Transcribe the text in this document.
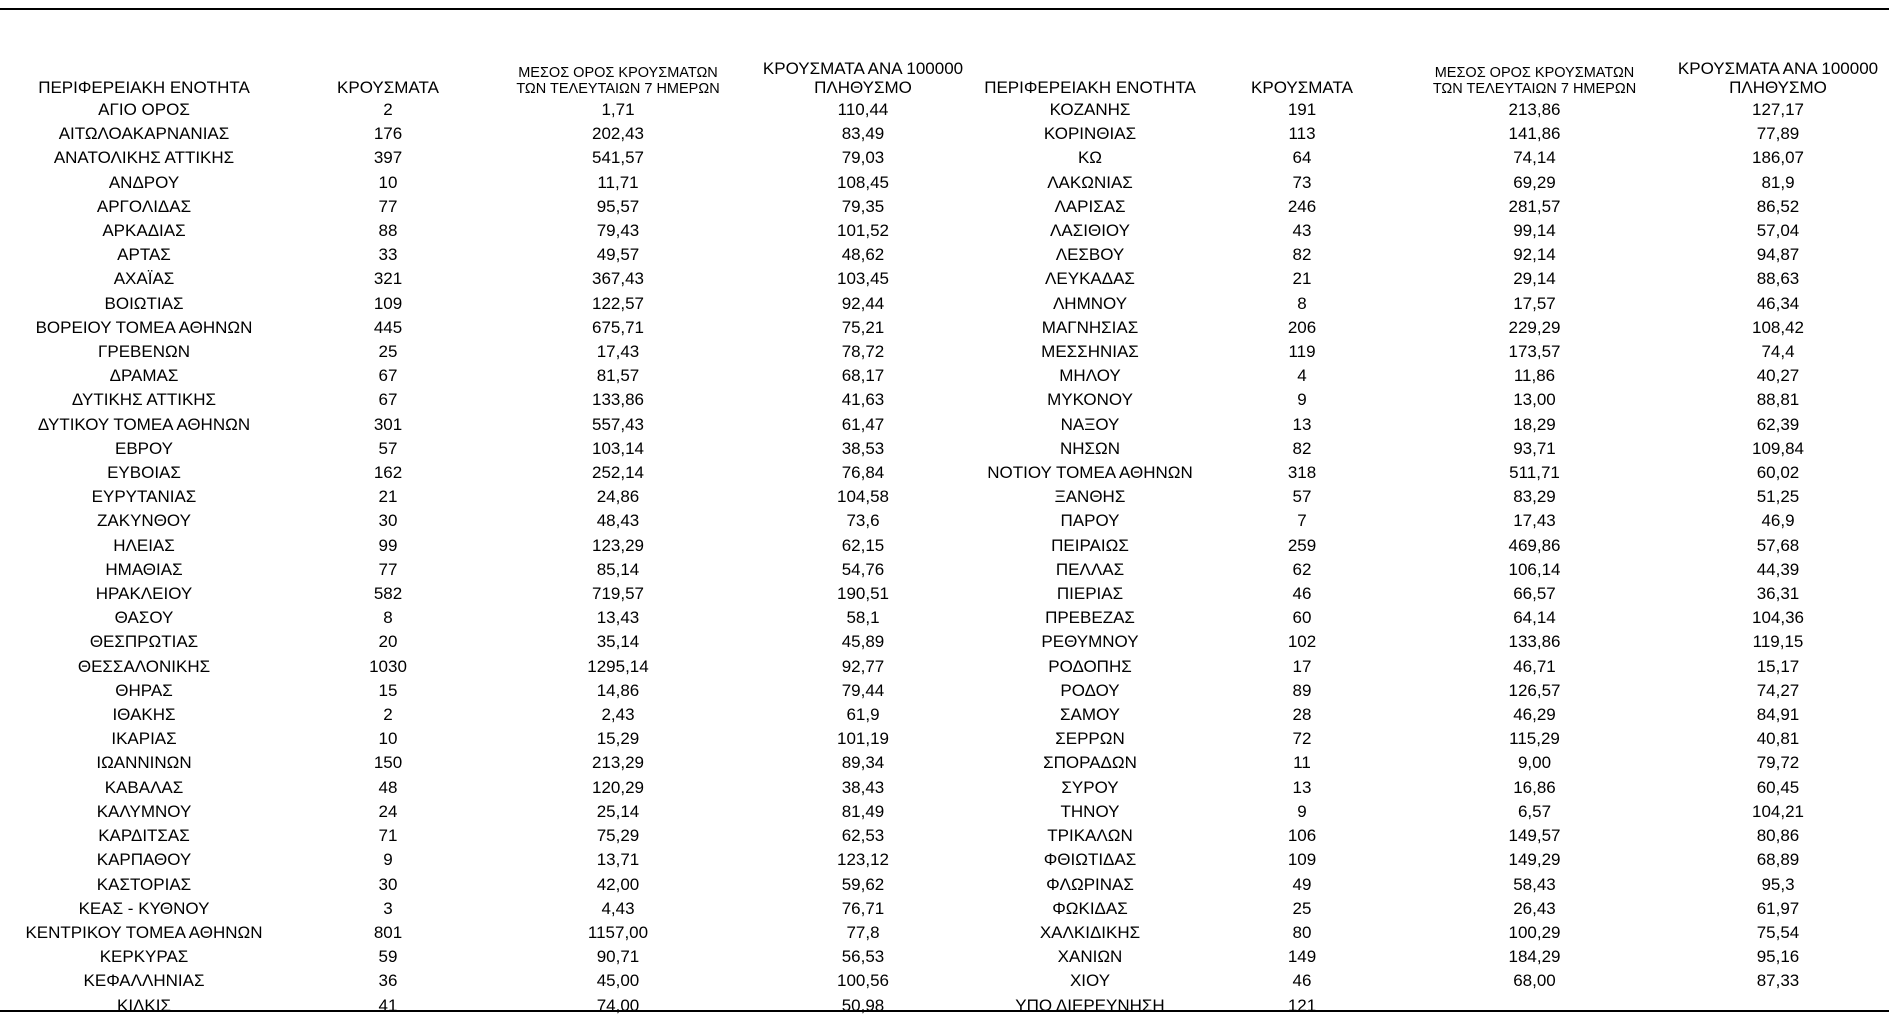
ΠΕΡΙΦΕΡΕΙΑΚΗ ΕΝΟΤΗΤΑ	ΚΡΟΥΣΜΑΤΑ	ΜΕΣΟΣ ΟΡΟΣ ΚΡΟΥΣΜΑΤΩΝ
ΤΩΝ ΤΕΛΕΥΤΑΙΩΝ 7 ΗΜΕΡΩΝ	ΚΡΟΥΣΜΑΤΑ ΑΝΑ 100000
ΠΛΗΘΥΣΜΟ	ΠΕΡΙΦΕΡΕΙΑΚΗ ΕΝΟΤΗΤΑ	ΚΡΟΥΣΜΑΤΑ	ΜΕΣΟΣ ΟΡΟΣ ΚΡΟΥΣΜΑΤΩΝ
ΤΩΝ ΤΕΛΕΥΤΑΙΩΝ 7 ΗΜΕΡΩΝ	ΚΡΟΥΣΜΑΤΑ ΑΝΑ 100000
ΠΛΗΘΥΣΜΟ
ΑΓΙΟ ΟΡΟΣ	2	1,71	110,44	ΚΟΖΑΝΗΣ	191	213,86	127,17
ΑΙΤΩΛΟΑΚΑΡΝΑΝΙΑΣ	176	202,43	83,49	ΚΟΡΙΝΘΙΑΣ	113	141,86	77,89
ΑΝΑΤΟΛΙΚΗΣ ΑΤΤΙΚΗΣ	397	541,57	79,03	ΚΩ	64	74,14	186,07
ΑΝΔΡΟΥ	10	11,71	108,45	ΛΑΚΩΝΙΑΣ	73	69,29	81,9
ΑΡΓΟΛΙΔΑΣ	77	95,57	79,35	ΛΑΡΙΣΑΣ	246	281,57	86,52
ΑΡΚΑΔΙΑΣ	88	79,43	101,52	ΛΑΣΙΘΙΟΥ	43	99,14	57,04
ΑΡΤΑΣ	33	49,57	48,62	ΛΕΣΒΟΥ	82	92,14	94,87
ΑΧΑΪΑΣ	321	367,43	103,45	ΛΕΥΚΑΔΑΣ	21	29,14	88,63
ΒΟΙΩΤΙΑΣ	109	122,57	92,44	ΛΗΜΝΟΥ	8	17,57	46,34
ΒΟΡΕΙΟΥ ΤΟΜΕΑ ΑΘΗΝΩΝ	445	675,71	75,21	ΜΑΓΝΗΣΙΑΣ	206	229,29	108,42
ΓΡΕΒΕΝΩΝ	25	17,43	78,72	ΜΕΣΣΗΝΙΑΣ	119	173,57	74,4
ΔΡΑΜΑΣ	67	81,57	68,17	ΜΗΛΟΥ	4	11,86	40,27
ΔΥΤΙΚΗΣ ΑΤΤΙΚΗΣ	67	133,86	41,63	ΜΥΚΟΝΟΥ	9	13,00	88,81
ΔΥΤΙΚΟΥ ΤΟΜΕΑ ΑΘΗΝΩΝ	301	557,43	61,47	ΝΑΞΟΥ	13	18,29	62,39
ΕΒΡΟΥ	57	103,14	38,53	ΝΗΣΩΝ	82	93,71	109,84
ΕΥΒΟΙΑΣ	162	252,14	76,84	ΝΟΤΙΟΥ ΤΟΜΕΑ ΑΘΗΝΩΝ	318	511,71	60,02
ΕΥΡΥΤΑΝΙΑΣ	21	24,86	104,58	ΞΑΝΘΗΣ	57	83,29	51,25
ΖΑΚΥΝΘΟΥ	30	48,43	73,6	ΠΑΡΟΥ	7	17,43	46,9
ΗΛΕΙΑΣ	99	123,29	62,15	ΠΕΙΡΑΙΩΣ	259	469,86	57,68
ΗΜΑΘΙΑΣ	77	85,14	54,76	ΠΕΛΛΑΣ	62	106,14	44,39
ΗΡΑΚΛΕΙΟΥ	582	719,57	190,51	ΠΙΕΡΙΑΣ	46	66,57	36,31
ΘΑΣΟΥ	8	13,43	58,1	ΠΡΕΒΕΖΑΣ	60	64,14	104,36
ΘΕΣΠΡΩΤΙΑΣ	20	35,14	45,89	ΡΕΘΥΜΝΟΥ	102	133,86	119,15
ΘΕΣΣΑΛΟΝΙΚΗΣ	1030	1295,14	92,77	ΡΟΔΟΠΗΣ	17	46,71	15,17
ΘΗΡΑΣ	15	14,86	79,44	ΡΟΔΟΥ	89	126,57	74,27
ΙΘΑΚΗΣ	2	2,43	61,9	ΣΑΜΟΥ	28	46,29	84,91
ΙΚΑΡΙΑΣ	10	15,29	101,19	ΣΕΡΡΩΝ	72	115,29	40,81
ΙΩΑΝΝΙΝΩΝ	150	213,29	89,34	ΣΠΟΡΑΔΩΝ	11	9,00	79,72
ΚΑΒΑΛΑΣ	48	120,29	38,43	ΣΥΡΟΥ	13	16,86	60,45
ΚΑΛΥΜΝΟΥ	24	25,14	81,49	ΤΗΝΟΥ	9	6,57	104,21
ΚΑΡΔΙΤΣΑΣ	71	75,29	62,53	ΤΡΙΚΑΛΩΝ	106	149,57	80,86
ΚΑΡΠΑΘΟΥ	9	13,71	123,12	ΦΘΙΩΤΙΔΑΣ	109	149,29	68,89
ΚΑΣΤΟΡΙΑΣ	30	42,00	59,62	ΦΛΩΡΙΝΑΣ	49	58,43	95,3
ΚΕΑΣ - ΚΥΘΝΟΥ	3	4,43	76,71	ΦΩΚΙΔΑΣ	25	26,43	61,97
ΚΕΝΤΡΙΚΟΥ ΤΟΜΕΑ ΑΘΗΝΩΝ	801	1157,00	77,8	ΧΑΛΚΙΔΙΚΗΣ	80	100,29	75,54
ΚΕΡΚΥΡΑΣ	59	90,71	56,53	ΧΑΝΙΩΝ	149	184,29	95,16
ΚΕΦΑΛΛΗΝΙΑΣ	36	45,00	100,56	ΧΙΟΥ	46	68,00	87,33
ΚΙΛΚΙΣ	41	74,00	50,98	ΥΠΟ ΔΙΕΡΕΥΝΗΣΗ	121		
